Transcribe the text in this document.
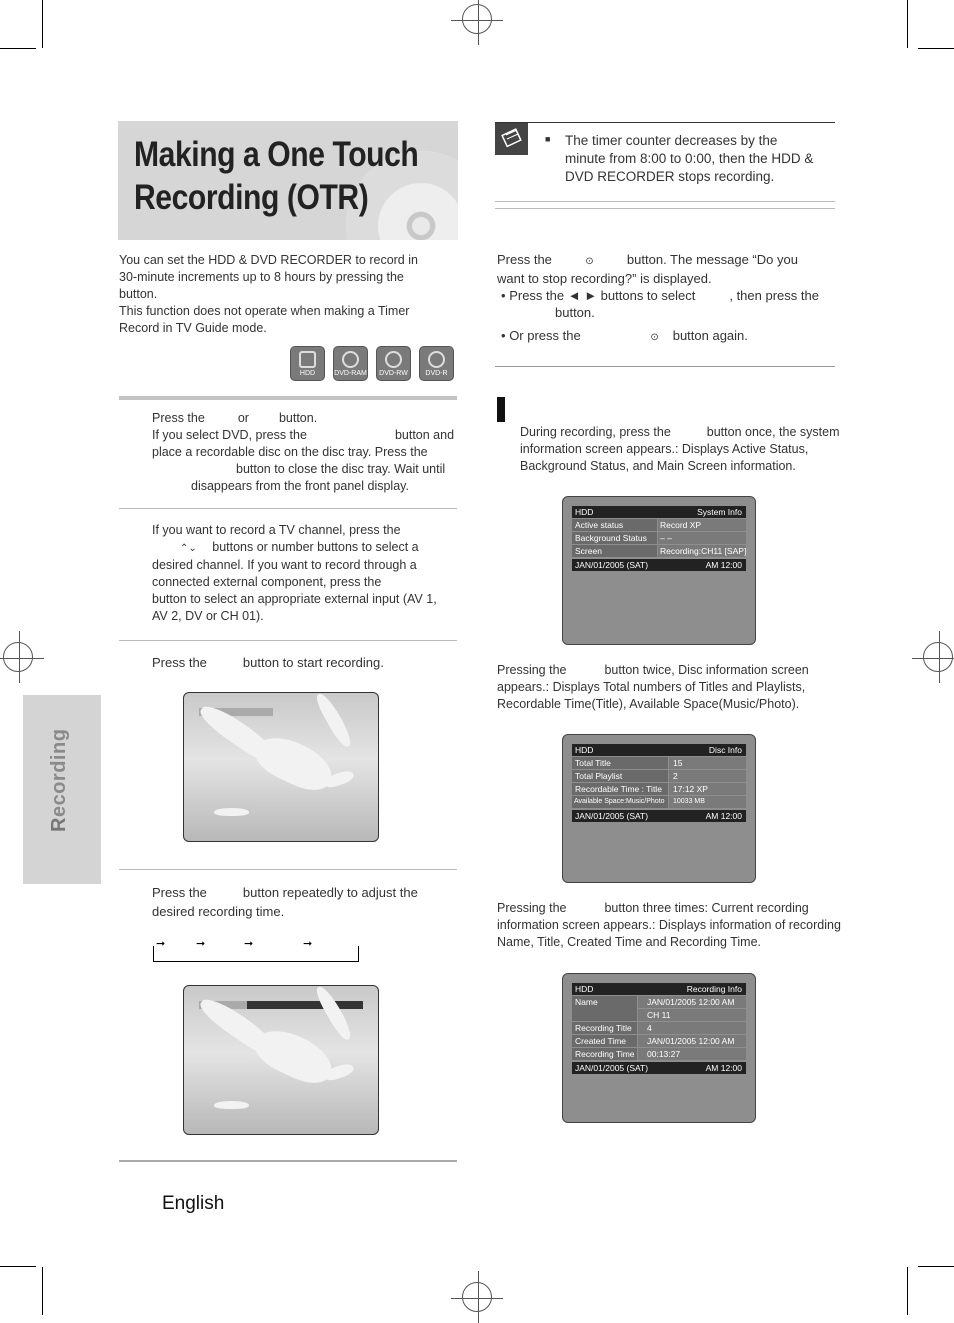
Making a One Touch
Recording (OTR)
You can set the HDD & DVD RECORDER to record in
30-minute increments up to 8 hours by pressing the
button.
This function does not operate when making a Timer
Record in TV Guide mode.
HDD	DVD-RAM	DVD-RW	DVD-R
Press the	or button.
If you select DVD, press the	button and
place a recordable disc on the disc tray. Press the
button to close the disc tray. Wait until
disappears from the front panel display.
If you want to record a TV channel, press the
⌃⌄ buttons or number buttons to select a
desired channel. If you want to record through a
connected external component, press the
button to select an appropriate external input (AV 1,
AV 2, DV or CH 01).
Press the	button to start recording.
Press the	button repeatedly to adjust the
desired recording time.
➞	➞	➞	➞
English
Recording
■ The timer counter decreases by the
minute from 8:00 to 0:00, then the HDD &
DVD RECORDER stops recording.
Press the	⊙	button. The message “Do you
want to stop recording?” is displayed.
• Press the ◄ ► buttons to select	, then press the
button.
• Or press the	⊙ button again.
During recording, press the	button once, the system
information screen appears.: Displays Active Status,
Background Status, and Main Screen information.
HDD	System Info
Active status	Record XP
Background Status	– –
Screen	Recording:CH11 [SAP]
JAN/01/2005 (SAT)	AM 12:00
Pressing the	button twice, Disc information screen
appears.: Displays Total numbers of Titles and Playlists,
Recordable Time(Title), Available Space(Music/Photo).
HDD	Disc Info
Total Title	15
Total Playlist	2
Recordable Time : Title	17:12 XP
Available Space:Music/Photo	10033 MB
JAN/01/2005 (SAT)	AM 12:00
Pressing the	button three times: Current recording
information screen appears.: Displays information of recording
Name, Title, Created Time and Recording Time.
HDD	Recording Info
Name	JAN/01/2005 12:00 AM
CH 11
Recording Title	4
Created Time	JAN/01/2005 12:00 AM
Recording Time	00:13:27
JAN/01/2005 (SAT)	AM 12:00
